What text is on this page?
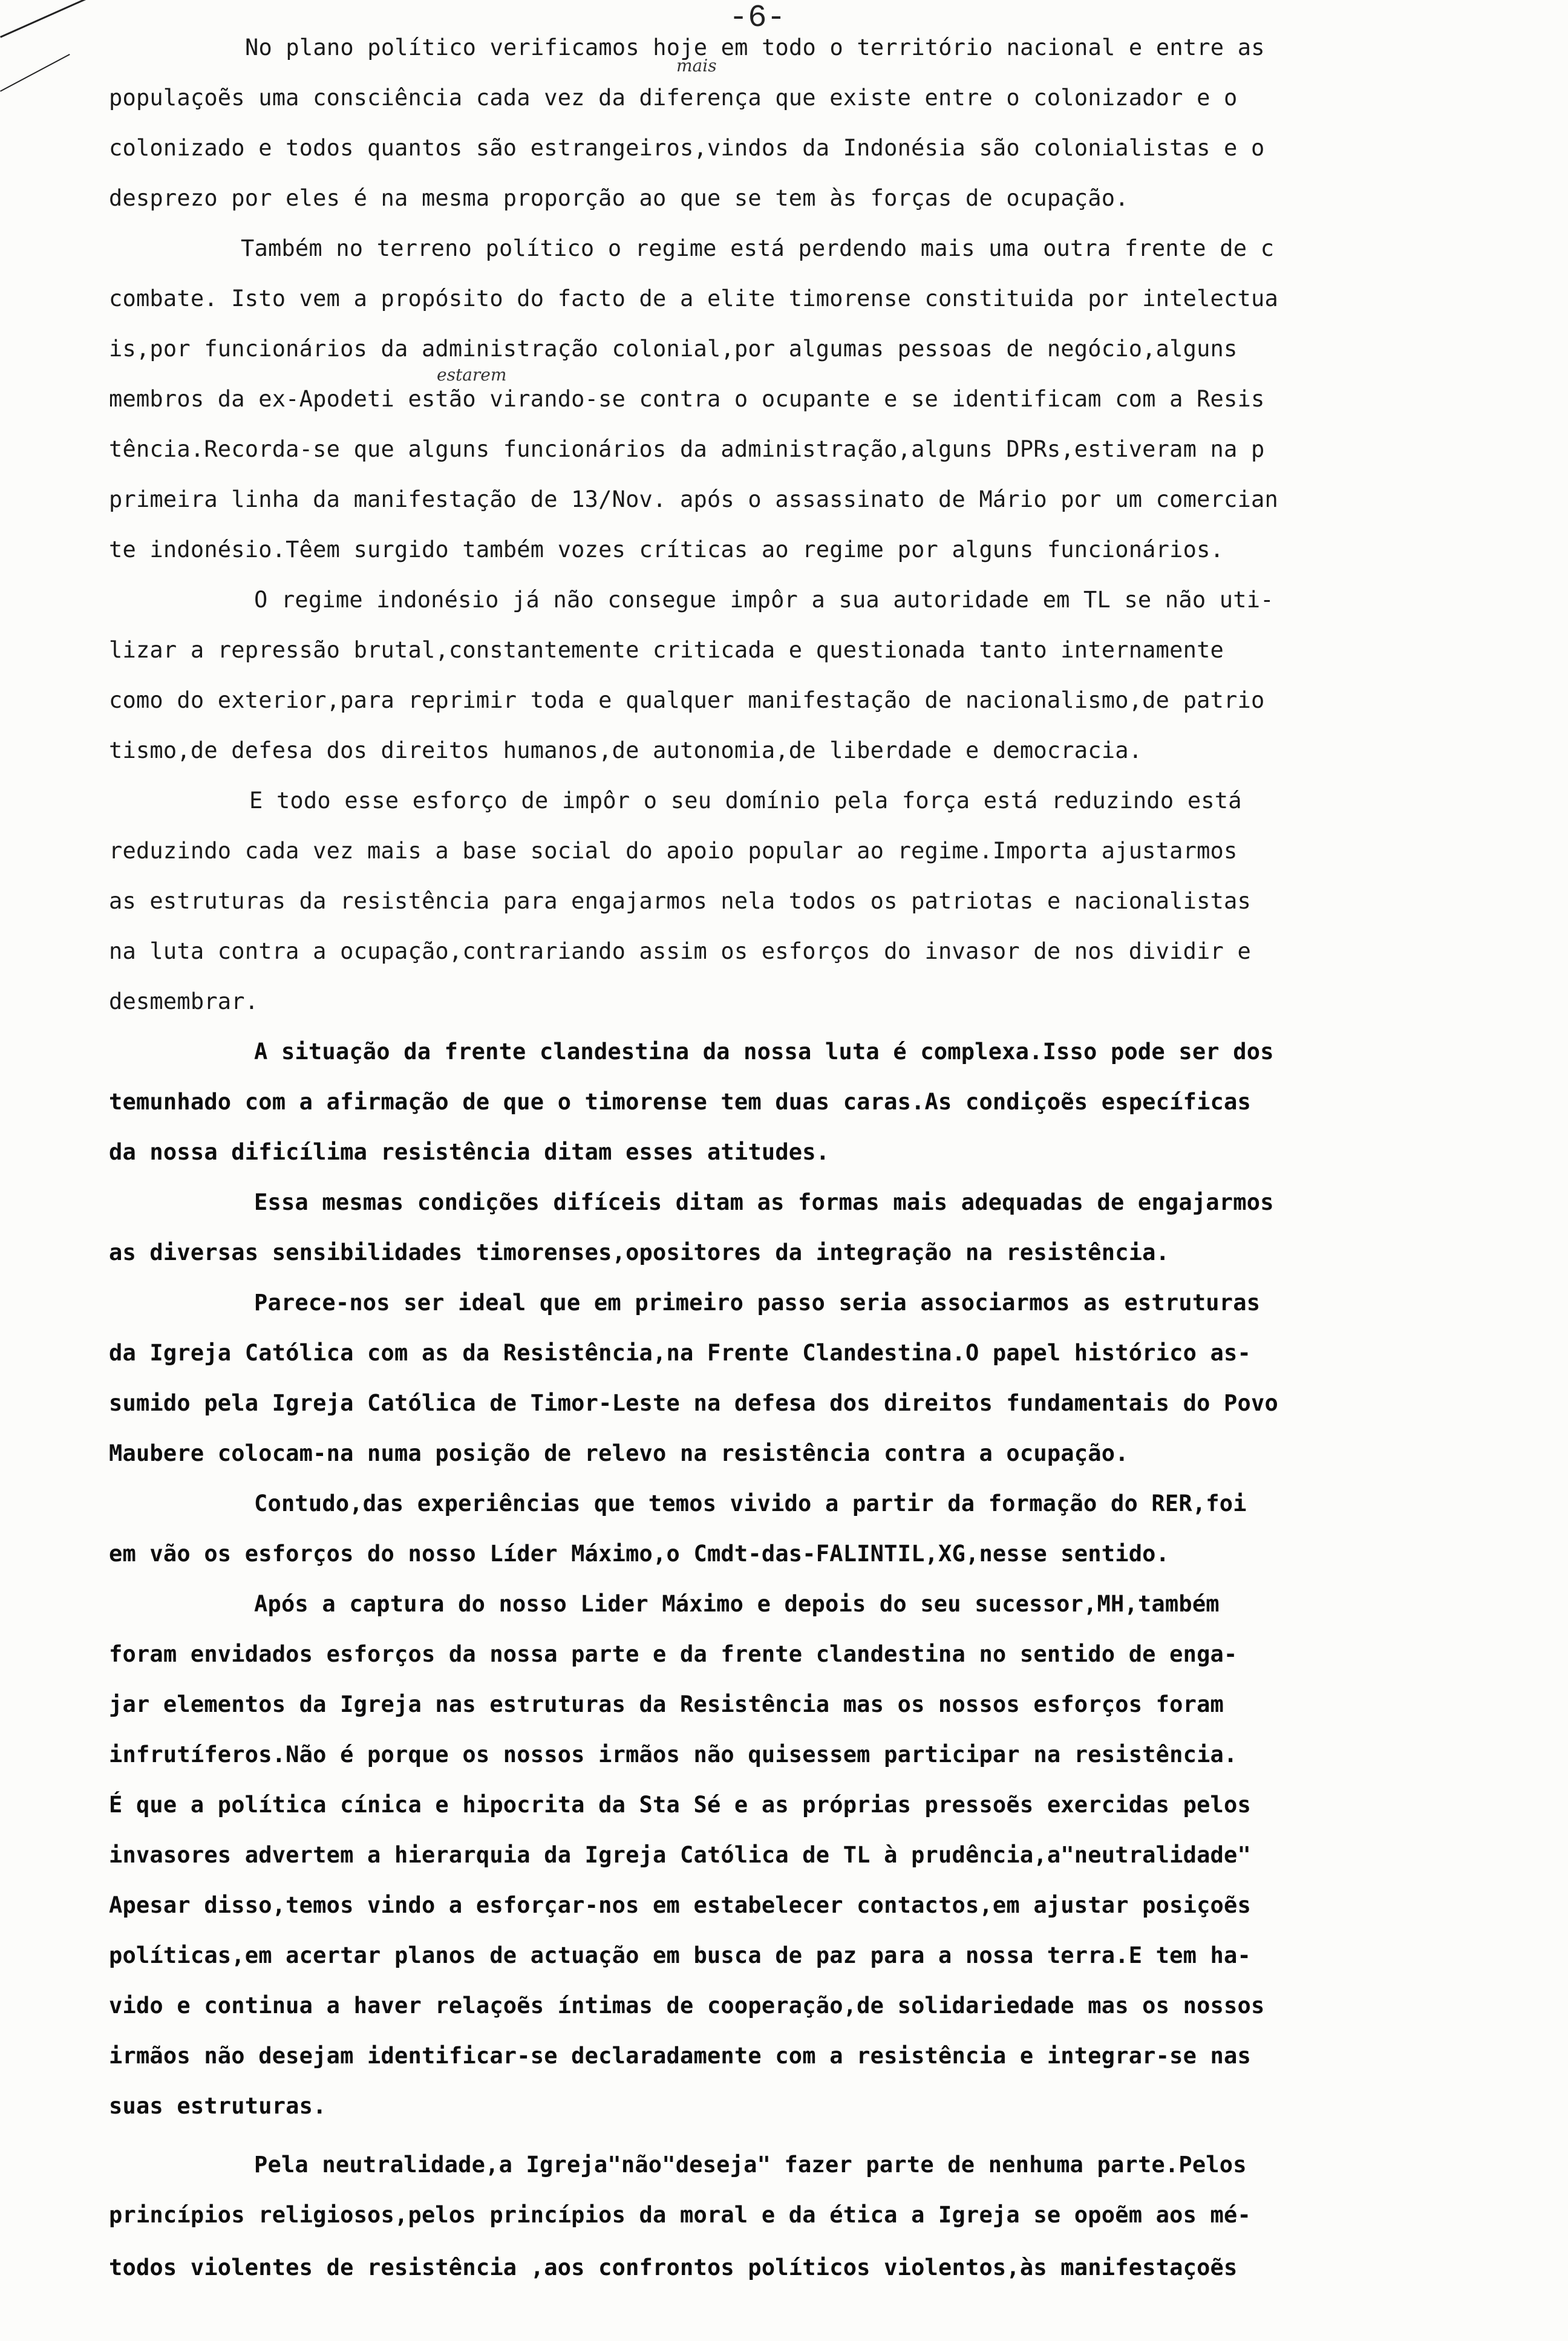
-6-
mais
estarem
No plano político verificamos hoje em todo o território nacional e entre as
populaçoẽs uma consciência cada vez da diferença que existe entre o colonizador e o
colonizado e todos quantos são estrangeiros,vindos da Indonésia são colonialistas e o
desprezo por eles é na mesma proporção ao que se tem às forças de ocupação.
Também no terreno político o regime está perdendo mais uma outra frente de c
combate. Isto vem a propósito do facto de a elite timorense constituida por intelectua
is,por funcionários da administração colonial,por algumas pessoas de negócio,alguns
membros da ex-Apodeti estão virando-se contra o ocupante e se identificam com a Resis
tência.Recorda-se que alguns funcionários da administração,alguns DPRs,estiveram na p
primeira linha da manifestação de 13/Nov. após o assassinato de Mário por um comercian
te indonésio.Têem surgido também vozes críticas ao regime por alguns funcionários.
O regime indonésio já não consegue impôr a sua autoridade em TL se não uti-
lizar a repressão brutal,constantemente criticada e questionada tanto internamente
como do exterior,para reprimir toda e qualquer manifestação de nacionalismo,de patrio
tismo,de defesa dos direitos humanos,de autonomia,de liberdade e democracia.
E todo esse esforço de impôr o seu domínio pela força está reduzindo está
reduzindo cada vez mais a base social do apoio popular ao regime.Importa ajustarmos
as estruturas da resistência para engajarmos nela todos os patriotas e nacionalistas
na luta contra a ocupação,contrariando assim os esforços do invasor de nos dividir e
desmembrar.
A situação da frente clandestina da nossa luta é complexa.Isso pode ser dos
temunhado com a afirmação de que o timorense tem duas caras.As condiçoẽs específicas
da nossa dificílima resistência ditam esses atitudes.
Essa mesmas condições difíceis ditam as formas mais adequadas de engajarmos
as diversas sensibilidades timorenses,opositores da integração na resistência.
Parece-nos ser ideal que em primeiro passo seria associarmos as estruturas
da Igreja Católica com as da Resistência,na Frente Clandestina.O papel histórico as-
sumido pela Igreja Católica de Timor-Leste na defesa dos direitos fundamentais do Povo
Maubere colocam-na numa posição de relevo na resistência contra a ocupação.
Contudo,das experiências que temos vivido a partir da formação do RER,foi
em vão os esforços do nosso Líder Máximo,o Cmdt-das-FALINTIL,XG,nesse sentido.
Após a captura do nosso Lider Máximo e depois do seu sucessor,MH,também
foram envidados esforços da nossa parte e da frente clandestina no sentido de enga-
jar elementos da Igreja nas estruturas da Resistência mas os nossos esforços foram
infrutíferos.Não é porque os nossos irmãos não quisessem participar na resistência.
É que a política cínica e hipocrita da Sta Sé e as próprias pressoẽs exercidas pelos
invasores advertem a hierarquia da Igreja Católica de TL à prudência,a"neutralidade"
Apesar disso,temos vindo a esforçar-nos em estabelecer contactos,em ajustar posiçoẽs
políticas,em acertar planos de actuação em busca de paz para a nossa terra.E tem ha-
vido e continua a haver relaçoẽs íntimas de cooperação,de solidariedade mas os nossos
irmãos não desejam identificar-se declaradamente com a resistência e integrar-se nas
suas estruturas.
Pela neutralidade,a Igreja"não"deseja" fazer parte de nenhuma parte.Pelos
princípios religiosos,pelos princípios da moral e da ética a Igreja se opoẽm aos mé-
todos violentes de resistência ,aos confrontos políticos violentos,às manifestaçoẽs
